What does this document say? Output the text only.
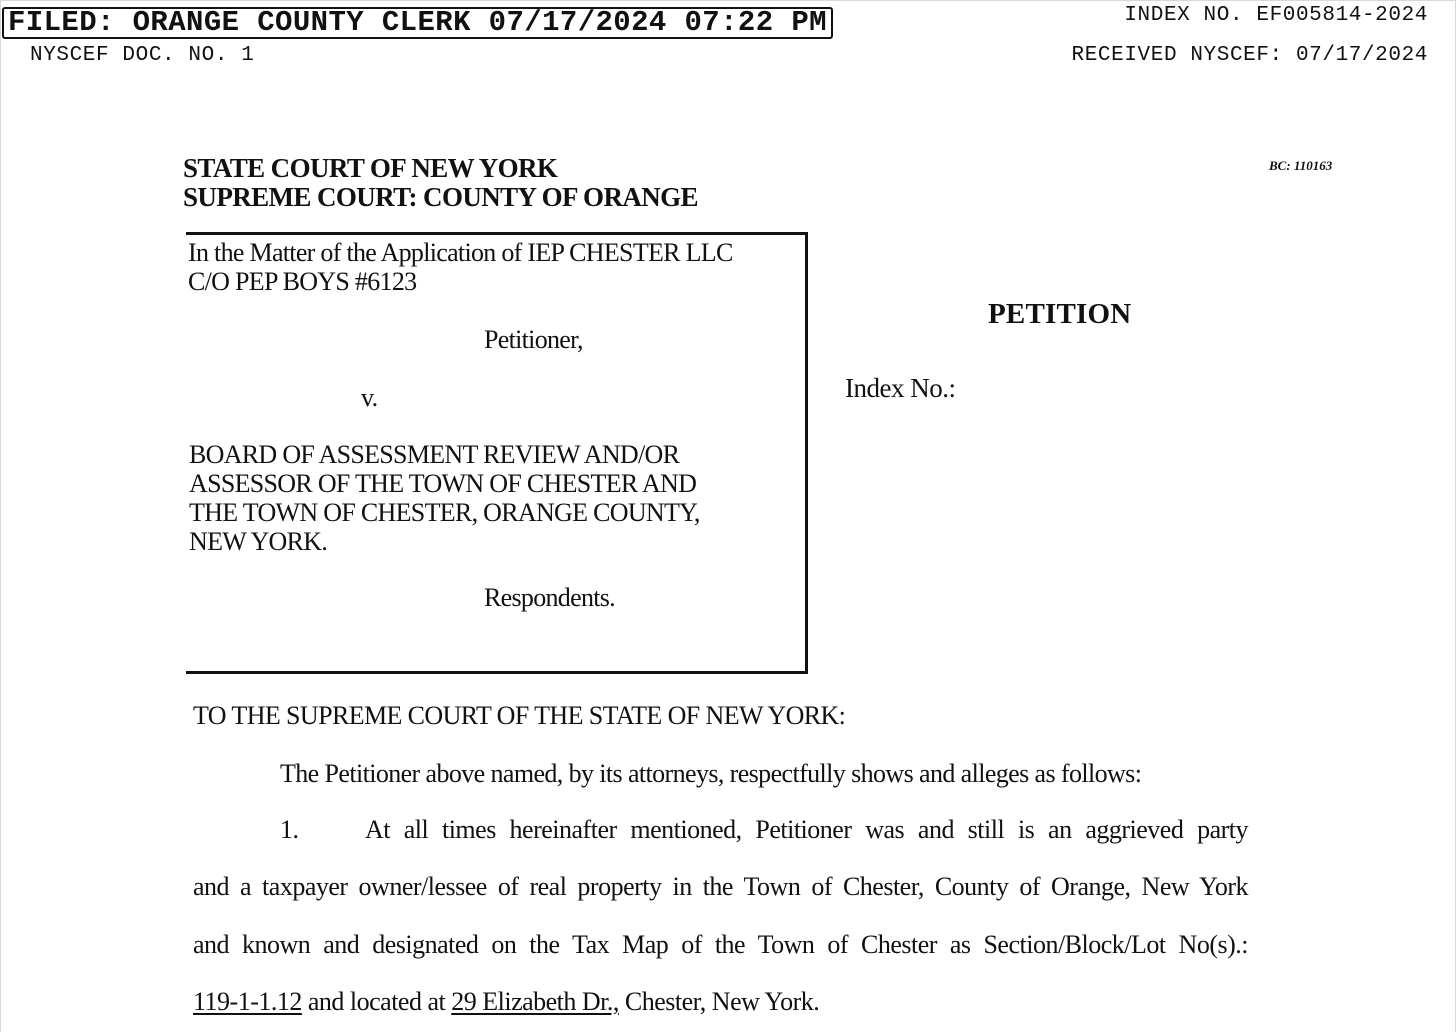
FILED: ORANGE COUNTY CLERK 07/17/2024 07:22 PM	INDEX NO. EF005814-2024
NYSCEF DOC. NO. 1	RECEIVED NYSCEF: 07/17/2024
STATE COURT OF NEW YORK
SUPREME COURT: COUNTY OF ORANGE
BC: 110163
In the Matter of the Application of IEP CHESTER LLC
C/O PEP BOYS #6123
Petitioner,
v.
BOARD OF ASSESSMENT REVIEW AND/OR
ASSESSOR OF THE TOWN OF CHESTER AND
THE TOWN OF CHESTER, ORANGE COUNTY,
NEW YORK.
Respondents.
PETITION
Index No.:
TO THE SUPREME COURT OF THE STATE OF NEW YORK:
The Petitioner above named, by its attorneys, respectfully shows and alleges as follows:
1.	At all times hereinafter mentioned, Petitioner was and still is an aggrieved party
and a taxpayer owner/lessee of real property in the Town of Chester, County of Orange, New York
and known and designated on the Tax Map of the Town of Chester as Section/Block/Lot No(s).:
119-1-1.12 and located at 29 Elizabeth Dr., Chester, New York.
